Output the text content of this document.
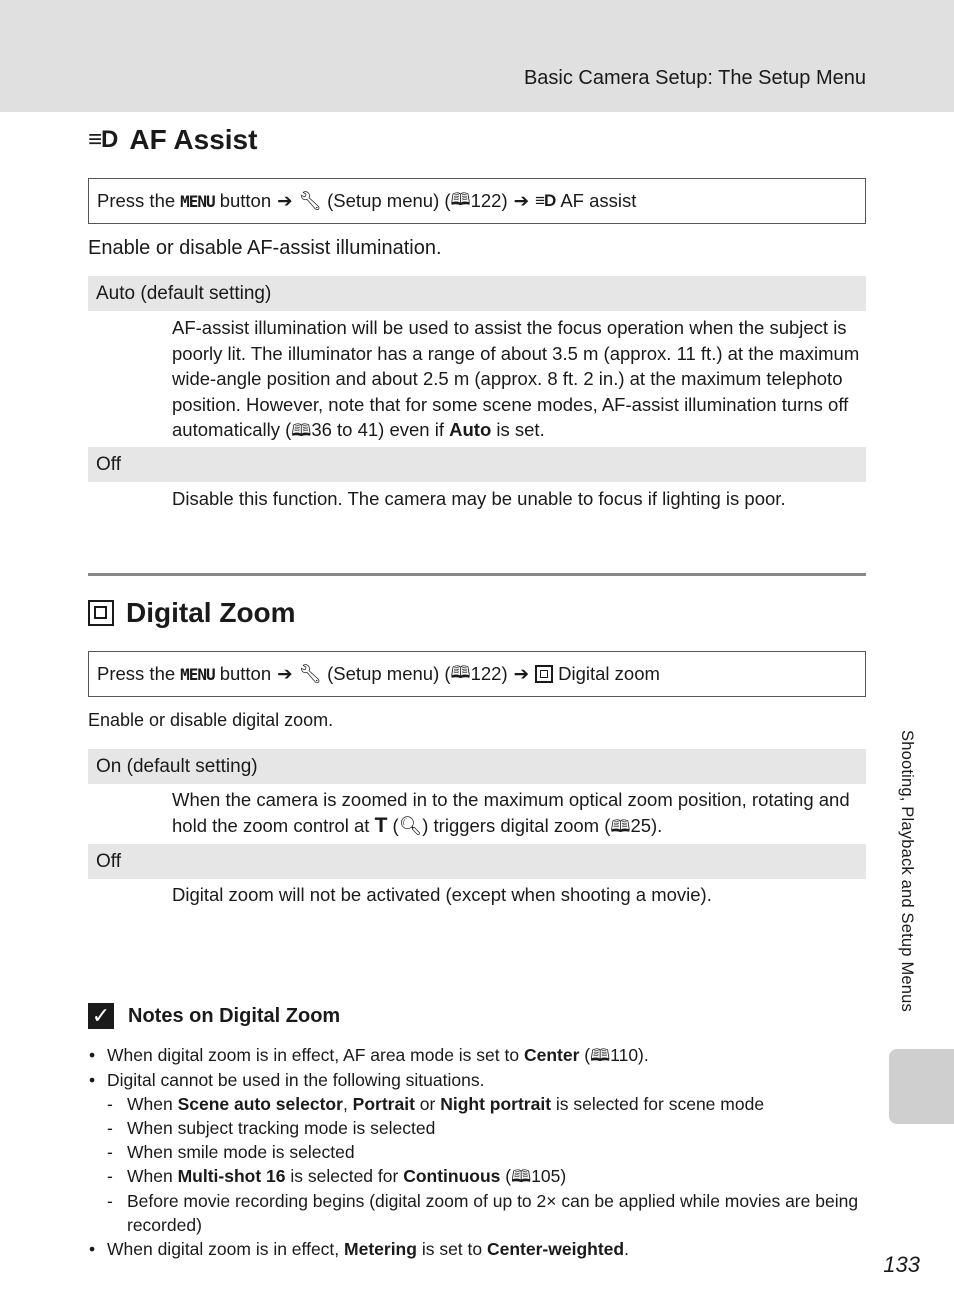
Basic Camera Setup: The Setup Menu
≡D AF Assist
Press the MENU button ➔ 🔧︎ (Setup menu) ( 🕮 122) ➔ ≡D AF assist
Enable or disable AF-assist illumination.
Auto (default setting)
AF-assist illumination will be used to assist the focus operation when the subject is poorly lit. The illuminator has a range of about 3.5 m (approx. 11 ft.) at the maximum wide-angle position and about 2.5 m (approx. 8 ft. 2 in.) at the maximum telephoto position. However, note that for some scene modes, AF-assist illumination turns off automatically (🕮36 to 41) even if Auto is set.
Off
Disable this function. The camera may be unable to focus if lighting is poor.
Digital Zoom
Press the MENU button ➔ 🔧︎ (Setup menu) ( 🕮 122) ➔ Digital zoom
Enable or disable digital zoom.
On (default setting)
When the camera is zoomed in to the maximum optical zoom position, rotating and hold the zoom control at T (🔍︎) triggers digital zoom (🕮25).
Off
Digital zoom will not be activated (except when shooting a movie).
✓ Notes on Digital Zoom
• When digital zoom is in effect, AF area mode is set to Center (🕮110).
• Digital cannot be used in the following situations.
- When Scene auto selector, Portrait or Night portrait is selected for scene mode
- When subject tracking mode is selected
- When smile mode is selected
- When Multi-shot 16 is selected for Continuous (🕮105)
- Before movie recording begins (digital zoom of up to 2× can be applied while movies are being recorded)
• When digital zoom is in effect, Metering is set to Center-weighted.
Shooting, Playback and Setup Menus
133
